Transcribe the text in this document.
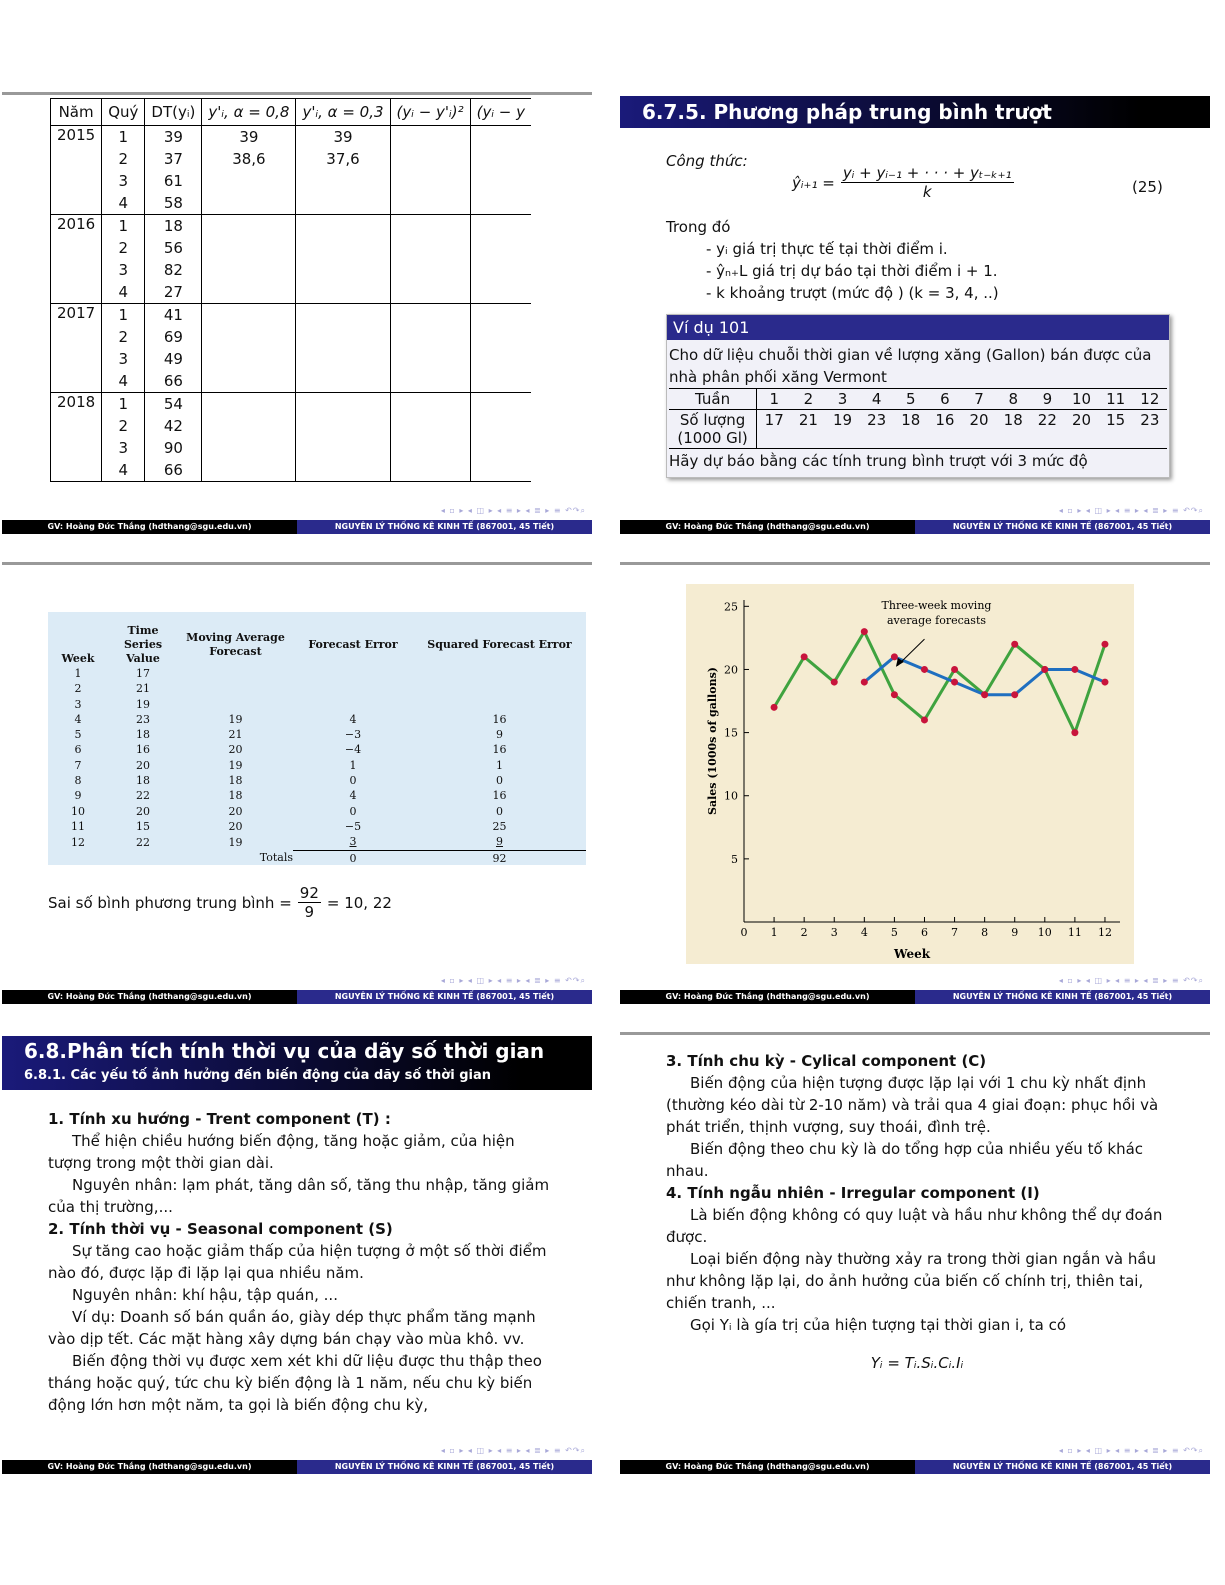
Năm	Quý	DT(yᵢ)	y'ᵢ, α = 0,8	y'ᵢ, α = 0,3	(yᵢ − y'ᵢ)²	(yᵢ − y
2015	1	39	39	39		
	2	37	38,6	37,6		
	3	61				
	4	58				
2016	1	18				
	2	56				
	3	82				
	4	27				
2017	1	41				
	2	69				
	3	49				
	4	66				
2018	1	54				
	2	42				
	3	90				
	4	66				
◂ ▫ ▸ ◂ ◫ ▸ ◂ ≡ ▸ ◂ ≣ ▸ ≡ ↶↷⌕
GV: Hoàng Đức Thắng (hdthang@sgu.edu.vn)	NGUYÊN LÝ THỐNG KÊ KINH TẾ (867001, 45 Tiết)
6.7.5. Phương pháp trung bình trượt
Công thức:
ŷᵢ₊₁ = $\frac{\text{yᵢ + yᵢ₋₁ + · · · + yₜ₋ₖ₊₁}}{k}$	(25)
Trong đó
- yᵢ giá trị thực tế tại thời điểm i.
- ŷₙ₊L giá trị dự báo tại thời điểm i + 1.
- k khoảng trượt (mức độ ) (k = 3, 4, ..)
Ví dụ 101
Cho dữ liệu chuỗi thời gian về lượng xăng (Gallon) bán được của nhà phân phối xăng Vermont
Tuần	1	2	3	4	5	6	7	8	9	10	11	12

Số lượng
(1000 Gl)	17	21	19	23	18	16	20	18	22	20	15	23
Hãy dự báo bằng các tính trung bình trượt với 3 mức độ
◂ ▫ ▸ ◂ ◫ ▸ ◂ ≡ ▸ ◂ ≣ ▸ ≡ ↶↷⌕
GV: Hoàng Đức Thắng (hdthang@sgu.edu.vn)	NGUYÊN LÝ THỐNG KÊ KINH TẾ (867001, 45 Tiết)
Week	Time Series Value	Moving Average Forecast	Forecast Error	Squared Forecast Error
1	17			
2	21			
3	19			
4	23	19	4	16
5	18	21	−3	9
6	16	20	−4	16
7	20	19	1	1
8	18	18	0	0
9	22	18	4	16
10	20	20	0	0
11	15	20	−5	25
12	22	19	3	9
		Totals	0	92
Sai số bình phương trung bình = $\frac{92}{9} = 10$, 22
◂ ▫ ▸ ◂ ◫ ▸ ◂ ≡ ▸ ◂ ≣ ▸ ≡ ↶↷⌕
GV: Hoàng Đức Thắng (hdthang@sgu.edu.vn)	NGUYÊN LÝ THỐNG KÊ KINH TẾ (867001, 45 Tiết)
0 1 2 3 4 5 6 7 8 9 10 11 12
5
10
15
20
25
Week
Sales (1000s of gallons)
Three-week moving
average forecasts
◂ ▫ ▸ ◂ ◫ ▸ ◂ ≡ ▸ ◂ ≣ ▸ ≡ ↶↷⌕
GV: Hoàng Đức Thắng (hdthang@sgu.edu.vn)	NGUYÊN LÝ THỐNG KÊ KINH TẾ (867001, 45 Tiết)
6.8.Phân tích tính thời vụ của dãy số thời gian
6.8.1. Các yếu tố ảnh hưởng đến biến động của dãy số thời gian
1. Tính xu hướng - Trent component (T) :
Thể hiện chiều hướng biến động, tăng hoặc giảm, của hiện tượng trong một thời gian dài.
Nguyên nhân: lạm phát, tăng dân số, tăng thu nhập, tăng giảm của thị trường,...
2. Tính thời vụ - Seasonal component (S)
Sự tăng cao hoặc giảm thấp của hiện tượng ở một số thời điểm nào đó, được lặp đi lặp lại qua nhiều năm.
Nguyên nhân: khí hậu, tập quán, ...
Ví dụ: Doanh số bán quần áo, giày dép thực phẩm tăng mạnh vào dịp tết. Các mặt hàng xây dựng bán chạy vào mùa khô. vv.
Biến động thời vụ được xem xét khi dữ liệu được thu thập theo tháng hoặc quý, tức chu kỳ biến động là 1 năm, nếu chu kỳ biến động lớn hơn một năm, ta gọi là biến động chu kỳ,
◂ ▫ ▸ ◂ ◫ ▸ ◂ ≡ ▸ ◂ ≣ ▸ ≡ ↶↷⌕
GV: Hoàng Đức Thắng (hdthang@sgu.edu.vn)	NGUYÊN LÝ THỐNG KÊ KINH TẾ (867001, 45 Tiết)
3. Tính chu kỳ - Cylical component (C)
Biến động của hiện tượng được lặp lại với 1 chu kỳ nhất định (thường kéo dài từ 2-10 năm) và trải qua 4 giai đoạn: phục hồi và phát triển, thịnh vượng, suy thoái, đình trệ.
Biến động theo chu kỳ là do tổng hợp của nhiều yếu tố khác nhau.
4. Tính ngẫu nhiên - Irregular component (I)
Là biến động không có quy luật và hầu như không thể dự đoán được.
Loại biến động này thường xảy ra trong thời gian ngắn và hầu như không lặp lại, do ảnh hưởng của biến cố chính trị, thiên tai, chiến tranh, ...
Gọi Yᵢ là gía trị của hiện tượng tại thời gian i, ta có
Yᵢ = Tᵢ.Sᵢ.Cᵢ.Iᵢ
◂ ▫ ▸ ◂ ◫ ▸ ◂ ≡ ▸ ◂ ≣ ▸ ≡ ↶↷⌕
GV: Hoàng Đức Thắng (hdthang@sgu.edu.vn)	NGUYÊN LÝ THỐNG KÊ KINH TẾ (867001, 45 Tiết)
